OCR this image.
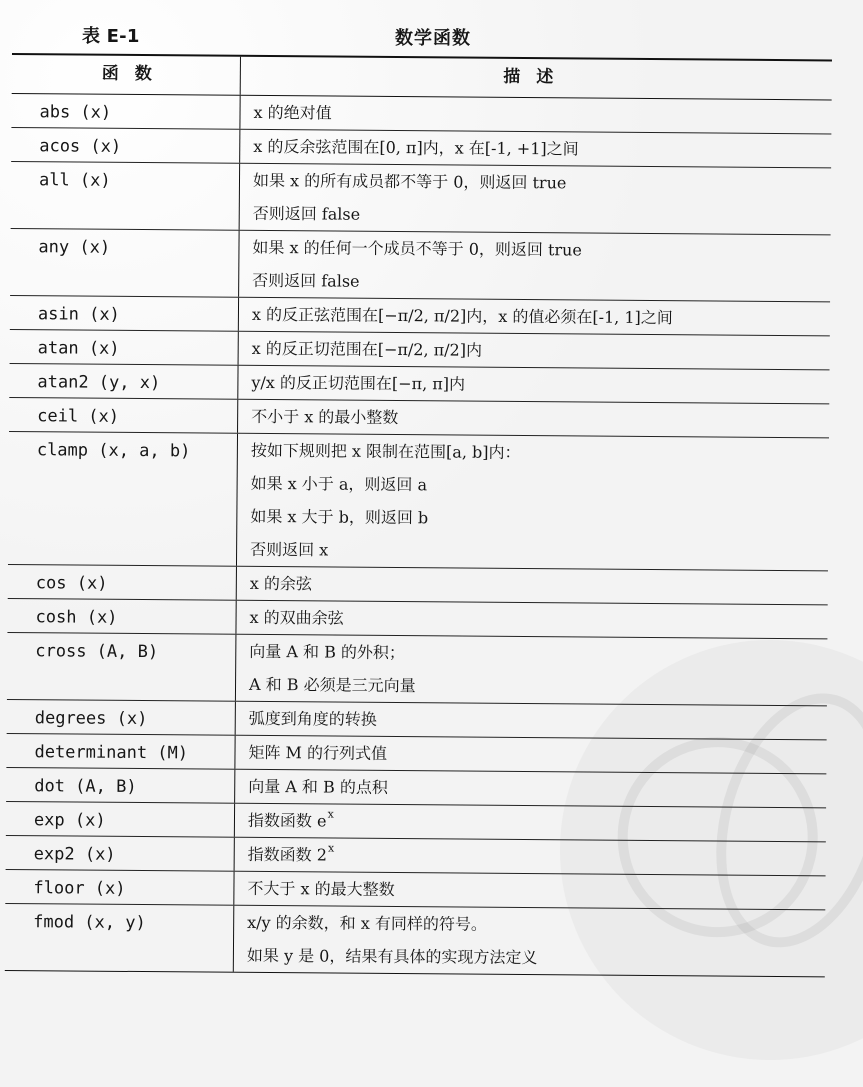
表 E-1	数学函数
函数	描述
abs (x)	x 的绝对值
acos (x)	x 的反余弦范围在[0, π]内，x 在[-1, +1]之间
all (x)	如果 x 的所有成员都不等于 0，则返回 true
否则返回 false
any (x)	如果 x 的任何一个成员不等于 0，则返回 true
否则返回 false
asin (x)	x 的反正弦范围在[−π/2, π/2]内，x 的值必须在[-1, 1]之间
atan (x)	x 的反正切范围在[−π/2, π/2]内
atan2 (y, x)	y/x 的反正切范围在[−π, π]内
ceil (x)	不小于 x 的最小整数
clamp (x, a, b)	按如下规则把 x 限制在范围[a, b]内：
如果 x 小于 a，则返回 a
如果 x 大于 b，则返回 b
否则返回 x
cos (x)	x 的余弦
cosh (x)	x 的双曲余弦
cross (A, B)	向量 A 和 B 的外积；
A 和 B 必须是三元向量
degrees (x)	弧度到角度的转换
determinant (M)	矩阵 M 的行列式值
dot (A, B)	向量 A 和 B 的点积
exp (x)	指数函数 e x
exp2 (x)	指数函数 2 x
floor (x)	不大于 x 的最大整数
fmod (x, y)	x/y 的余数，和 x 有同样的符号。
如果 y 是 0，结果有具体的实现方法定义
